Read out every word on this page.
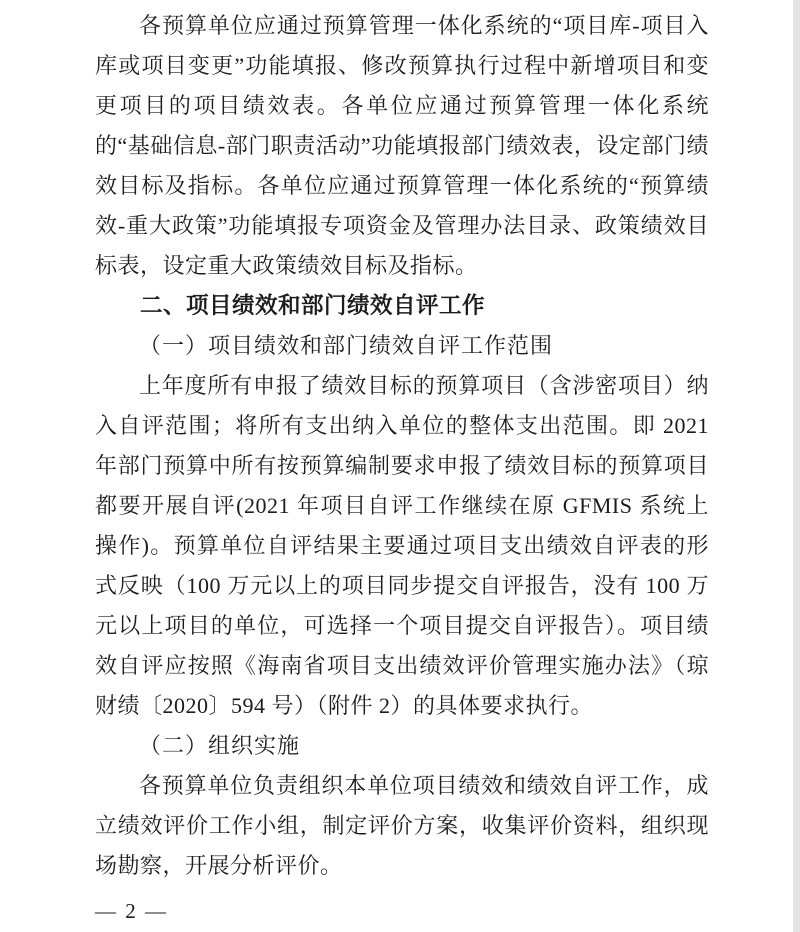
各预算单位应通过预算管理一体化系统的“项目库-项目入库或项目变更”功能填报、修改预算执行过程中新增项目和变更项目的项目绩效表。各单位应通过预算管理一体化系统的“基础信息-部门职责活动”功能填报部门绩效表，设定部门绩效目标及指标。各单位应通过预算管理一体化系统的“预算绩效-重大政策”功能填报专项资金及管理办法目录、政策绩效目标表，设定重大政策绩效目标及指标。

二、项目绩效和部门绩效自评工作

（一）项目绩效和部门绩效自评工作范围

上年度所有申报了绩效目标的预算项目（含涉密项目）纳入自评范围；将所有支出纳入单位的整体支出范围。即 2021 年部门预算中所有按预算编制要求申报了绩效目标的预算项目都要开展自评(2021 年项目自评工作继续在原 GFMIS 系统上操作)。预算单位自评结果主要通过项目支出绩效自评表的形式反映（100 万元以上的项目同步提交自评报告，没有 100 万元以上项目的单位，可选择一个项目提交自评报告）。项目绩效自评应按照《海南省项目支出绩效评价管理实施办法》（琼财绩〔2020〕594 号）（附件 2）的具体要求执行。

（二）组织实施

各预算单位负责组织本单位项目绩效和绩效自评工作，成立绩效评价工作小组，制定评价方案，收集评价资料，组织现场勘察，开展分析评价。

— 2 —
